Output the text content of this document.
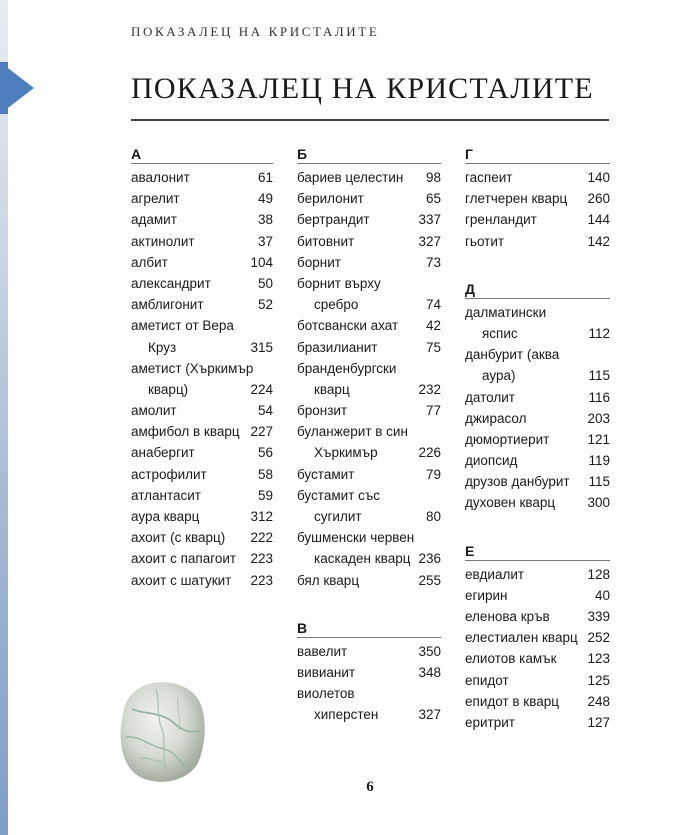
ПОКАЗАЛЕЦ НА КРИСТАЛИТЕ
ПОКАЗАЛЕЦ НА КРИСТАЛИТЕ
А
авалонит	61
агрелит	49
адамит	38
актинолит	37
албит	104
александрит	50
амблигонит	52
аметист от Вера
Круз	315
аметист (Хъркимър
кварц)	224
амолит	54
амфибол в кварц 227
анабергит	56
астрофилит	58
атлантасит	59
аура кварц	312
ахоит (с кварц) 222
ахоит с папагоит 223
ахоит с шатукит 223
Б
бариев целестин 98
берилонит	65
бертрандит	337
битовнит	327
борнит	73
борнит върху
сребро	74
ботсвански ахат 42
бразилианит	75
бранденбургски
кварц	232
бронзит	77
буланжерит в син
Хъркимър	226
бустамит	79
бустамит със
сугилит	80
бушменски червен
каскаден кварц 236
бял кварц	255
В
вавелит	350
вивианит	348
виолетов
хиперстен	327
Г
гаспеит	140
глетчерен кварц 260
гренландит	144
гьотит	142
Д
далматински
яспис	112
данбурит (аква
аура)	115
датолит	116
джирасол	203
дюмортиерит	121
диопсид	119
друзов данбурит 115
духовен кварц 300
Е
евдиалит	128
егирин	40
еленова кръв	339
елестиален кварц 252
елиотов камък 123
епидот	125
епидот в кварц 248
еритрит	127
6
